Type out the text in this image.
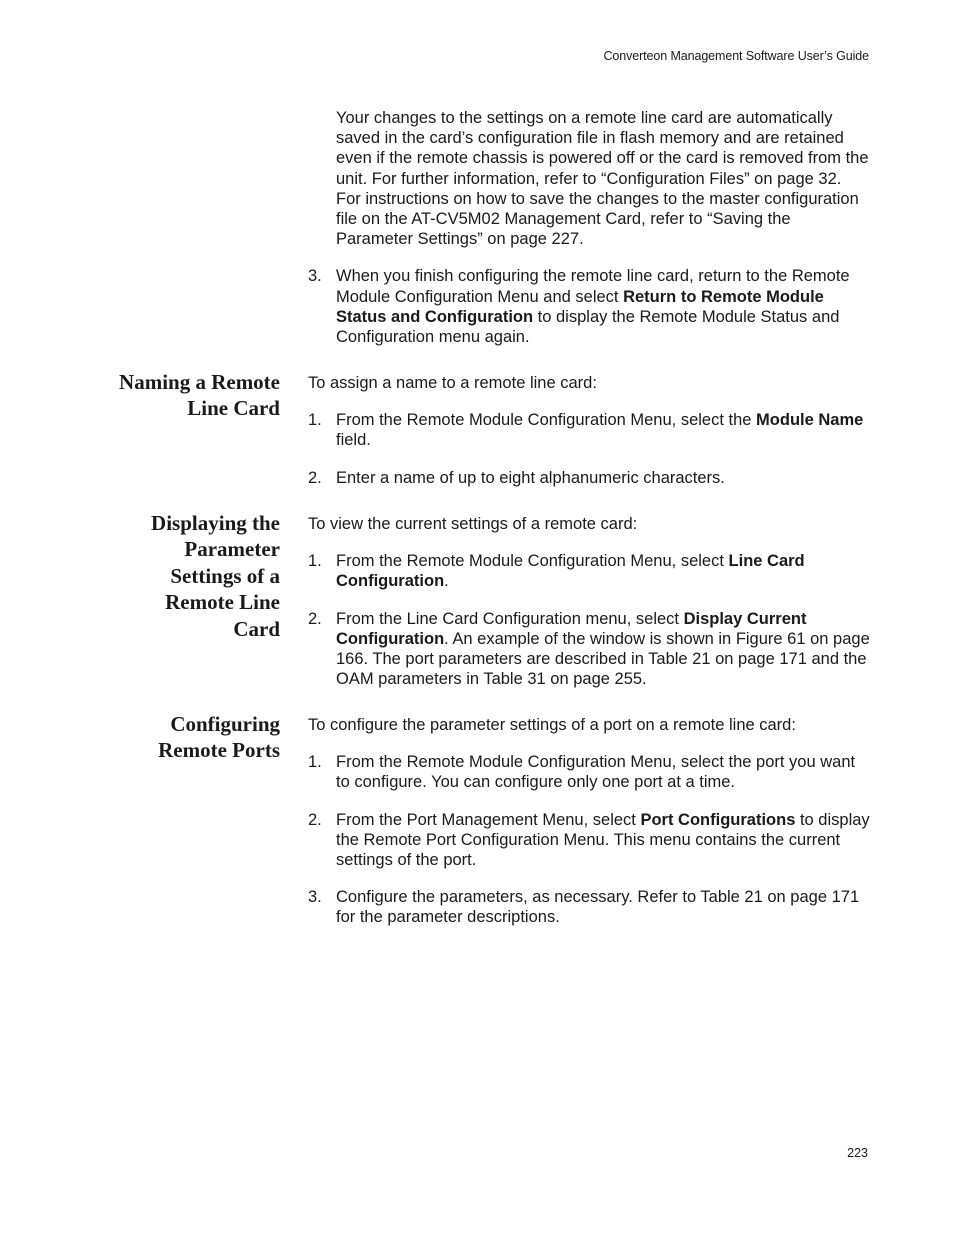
Converteon Management Software User’s Guide

Your changes to the settings on a remote line card are automatically saved in the card’s configuration file in flash memory and are retained even if the remote chassis is powered off or the card is removed from the unit. For further information, refer to “Configuration Files” on page 32. For instructions on how to save the changes to the master configuration file on the AT-CV5M02 Management Card, refer to “Saving the Parameter Settings” on page 227.

3. When you finish configuring the remote line card, return to the Remote Module Configuration Menu and select Return to Remote Module Status and Configuration to display the Remote Module Status and Configuration menu again.
Naming a Remote
Line Card

To assign a name to a remote line card:

1. From the Remote Module Configuration Menu, select the Module Name field.
2. Enter a name of up to eight alphanumeric characters.
Displaying the
Parameter
Settings of a
Remote Line
Card

To view the current settings of a remote card:

1. From the Remote Module Configuration Menu, select Line Card Configuration.
2. From the Line Card Configuration menu, select Display Current Configuration. An example of the window is shown in Figure 61 on page 166. The port parameters are described in Table 21 on page 171 and the OAM parameters in Table 31 on page 255.
Configuring
Remote Ports

To configure the parameter settings of a port on a remote line card:

1. From the Remote Module Configuration Menu, select the port you want to configure. You can configure only one port at a time.
2. From the Port Management Menu, select Port Configurations to display the Remote Port Configuration Menu. This menu contains the current settings of the port.
3. Configure the parameters, as necessary. Refer to Table 21 on page 171 for the parameter descriptions.
223
